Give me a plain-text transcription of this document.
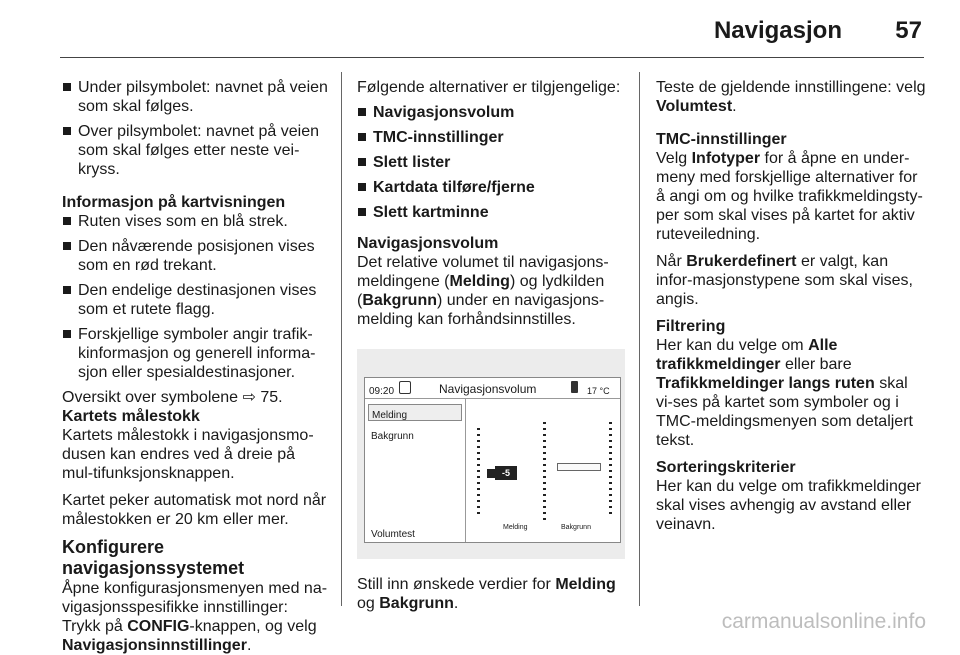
Navigasjon 57
Under pilsymbolet: navnet på veien som skal følges.
Over pilsymbolet: navnet på veien som skal følges etter neste vei-kryss.
Informasjon på kartvisningen
Ruten vises som en blå strek.
Den nåværende posisjonen vises som en rød trekant.
Den endelige destinasjonen vises som et rutete flagg.
Forskjellige symboler angir trafik-kinformasjon og generell informa-sjon eller spesialdestinasjoner.
Oversikt over symbolene ⇨ 75.
Kartets målestokk
Kartets målestokk i navigasjonsmo-dusen kan endres ved å dreie på mul-tifunksjonsknappen.
Kartet peker automatisk mot nord når målestokken er 20 km eller mer.
Konfigurere navigasjonssystemet
Åpne konfigurasjonsmenyen med na-vigasjonsspesifikke innstillinger:
Trykk på CONFIG-knappen, og velg
Navigasjonsinnstillinger.
Følgende alternativer er tilgjengelige:
Navigasjonsvolum
TMC-innstillinger
Slett lister
Kartdata tilføre/fjerne
Slett kartminne
Navigasjonsvolum
Det relative volumet til navigasjons-meldingene (Melding) og lydkilden (Bakgrunn) under en navigasjons-melding kan forhåndsinnstilles.
09:20	Navigasjonsvolum	17 °C
Melding
Bakgrunn
Volumtest
-5
Melding	Bakgrunn
Still inn ønskede verdier for Melding
og Bakgrunn.
Teste de gjeldende innstillingene: velg Volumtest.
TMC-innstillinger
Velg Infotyper for å åpne en under-meny med forskjellige alternativer for å angi om og hvilke trafikkmeldingsty-per som skal vises på kartet for aktiv ruteveiledning.
Når Brukerdefinert er valgt, kan infor-masjonstypene som skal vises, angis.
Filtrering
Her kan du velge om Alle trafikkmeldinger eller bare Trafikkmeldinger langs ruten skal vi-ses på kartet som symboler og i TMC-meldingsmenyen som detaljert tekst.
Sorteringskriterier
Her kan du velge om trafikkmeldinger skal vises avhengig av avstand eller veinavn.
carmanualsonline.info
